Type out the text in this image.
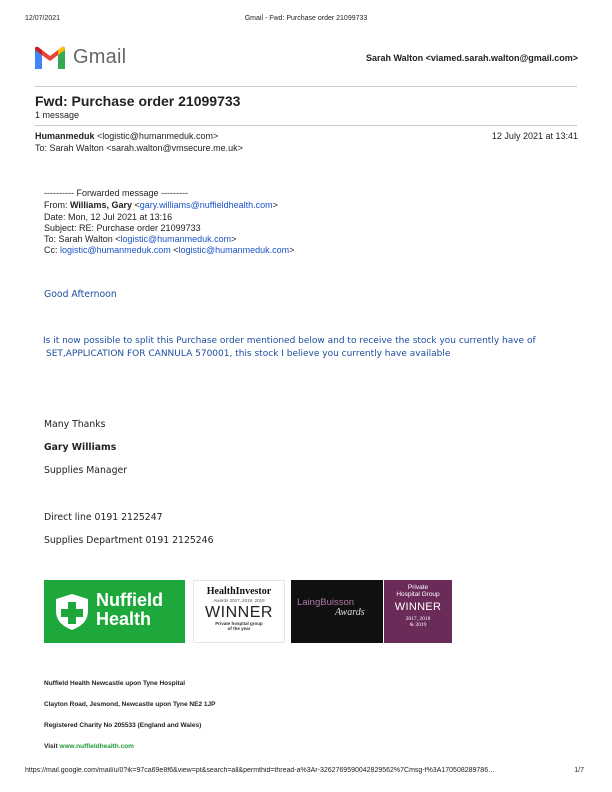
12/07/2021	Gmail - Fwd: Purchase order 21099733
Gmail	Sarah Walton <viamed.sarah.walton@gmail.com>
Fwd: Purchase order 21099733
1 message
Humanmeduk <logistic@humanmeduk.com>	12 July 2021 at 13:41
To: Sarah Walton <sarah.walton@vmsecure.me.uk>
---------- Forwarded message ---------
From: Williams, Gary <gary.williams@nuffieldhealth.com>
Date: Mon, 12 Jul 2021 at 13:16
Subject: RE: Purchase order 21099733
To: Sarah Walton <logistic@humanmeduk.com>
Cc: logistic@humanmeduk.com <logistic@humanmeduk.com>
Good Afternoon
Is it now possible to split this Purchase order mentioned below and to receive the stock you currently have of
SET,APPLICATION FOR CANNULA 570001, this stock I believe you currently have available
Many Thanks
Gary Williams
Supplies Manager
Direct line 0191 2125247
Supplies Department 0191 2125246
Nuffield
Health
HealthInvestor
Awards 2017, 2018, 2019
WINNER
Private hospital group
of the year
LaingBuisson
Awards
Private
Hospital Group
WINNER
2017, 2018
& 2019
Nuffield Health Newcastle upon Tyne Hospital
Clayton Road, Jesmond, Newcastle upon Tyne NE2 1JP
Registered Charity No 205533 (England and Wales)
Visit www.nuffieldhealth.com
https://mail.google.com/mail/u/0?ik=97ca69e8f6&view=pt&search=all&permthid=thread-a%3Ar-3262769590042829562%7Cmsg-f%3A170508289786…	1/7
